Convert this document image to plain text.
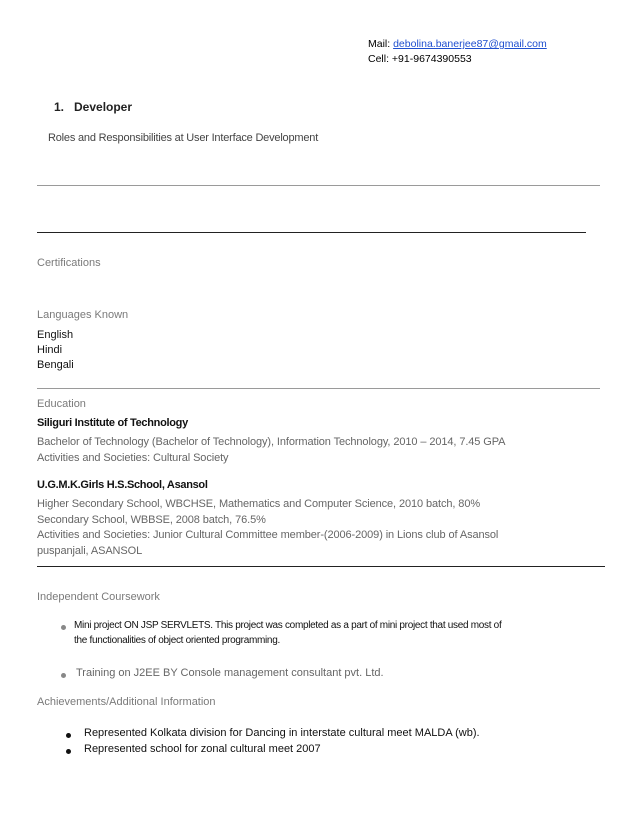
Mail: debolina.banerjee87@gmail.com
Cell: +91-9674390553
1. Developer
Roles and Responsibilities at User Interface Development
Certifications
Languages Known
English
Hindi
Bengali
Education
Siliguri Institute of Technology
Bachelor of Technology (Bachelor of Technology), Information Technology, 2010 – 2014, 7.45 GPA
Activities and Societies: Cultural Society
U.G.M.K.Girls H.S.School, Asansol
Higher Secondary School, WBCHSE, Mathematics and Computer Science, 2010 batch, 80%
Secondary School, WBBSE, 2008 batch, 76.5%
Activities and Societies: Junior Cultural Committee member-(2006-2009) in Lions club of Asansol
puspanjali, ASANSOL
Independent Coursework
Mini project ON JSP SERVLETS. This project was completed as a part of mini project that used most of
the functionalities of object oriented programming.
Training on J2EE BY Console management consultant pvt. Ltd.
Achievements/Additional Information
Represented Kolkata division for Dancing in interstate cultural meet MALDA (wb).
Represented school for zonal cultural meet 2007
